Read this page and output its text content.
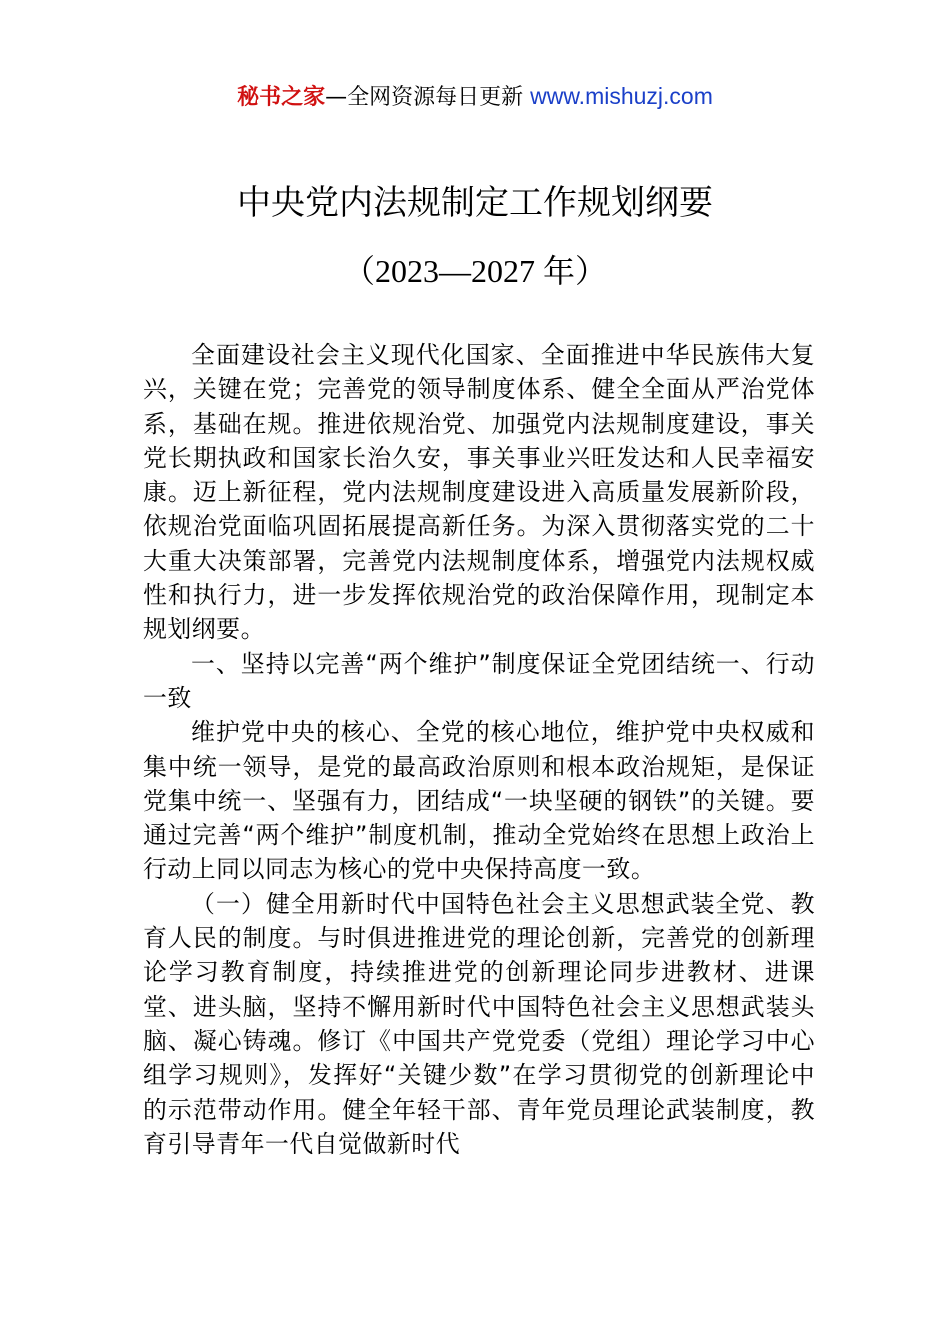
秘书之家—全网资源每日更新 www.mishuzj.com
中央党内法规制定工作规划纲要
（2023—2027 年）

全面建设社会主义现代化国家、全面推进中华民族伟大复兴，关键在党；完善党的领导制度体系、健全全面从严治党体系，基础在规。推进依规治党、加强党内法规制度建设，事关党长期执政和国家长治久安，事关事业兴旺发达和人民幸福安康。迈上新征程，党内法规制度建设进入高质量发展新阶段，依规治党面临巩固拓展提高新任务。为深入贯彻落实党的二十大重大决策部署，完善党内法规制度体系，增强党内法规权威性和执行力，进一步发挥依规治党的政治保障作用，现制定本规划纲要。

一、坚持以完善“两个维护”制度保证全党团结统一、行动一致

维护党中央的核心、全党的核心地位，维护党中央权威和集中统一领导，是党的最高政治原则和根本政治规矩，是保证党集中统一、坚强有力，团结成“一块坚硬的钢铁”的关键。要通过完善“两个维护”制度机制，推动全党始终在思想上政治上行动上同以同志为核心的党中央保持高度一致。

（一）健全用新时代中国特色社会主义思想武装全党、教育人民的制度。与时俱进推进党的理论创新，完善党的创新理论学习教育制度，持续推进党的创新理论同步进教材、进课堂、进头脑，坚持不懈用新时代中国特色社会主义思想武装头脑、凝心铸魂。修订《中国共产党党委（党组）理论学习中心组学习规则》，发挥好“关键少数”在学习贯彻党的创新理论中的示范带动作用。健全年轻干部、青年党员理论武装制度，教育引导青年一代自觉做新时代
